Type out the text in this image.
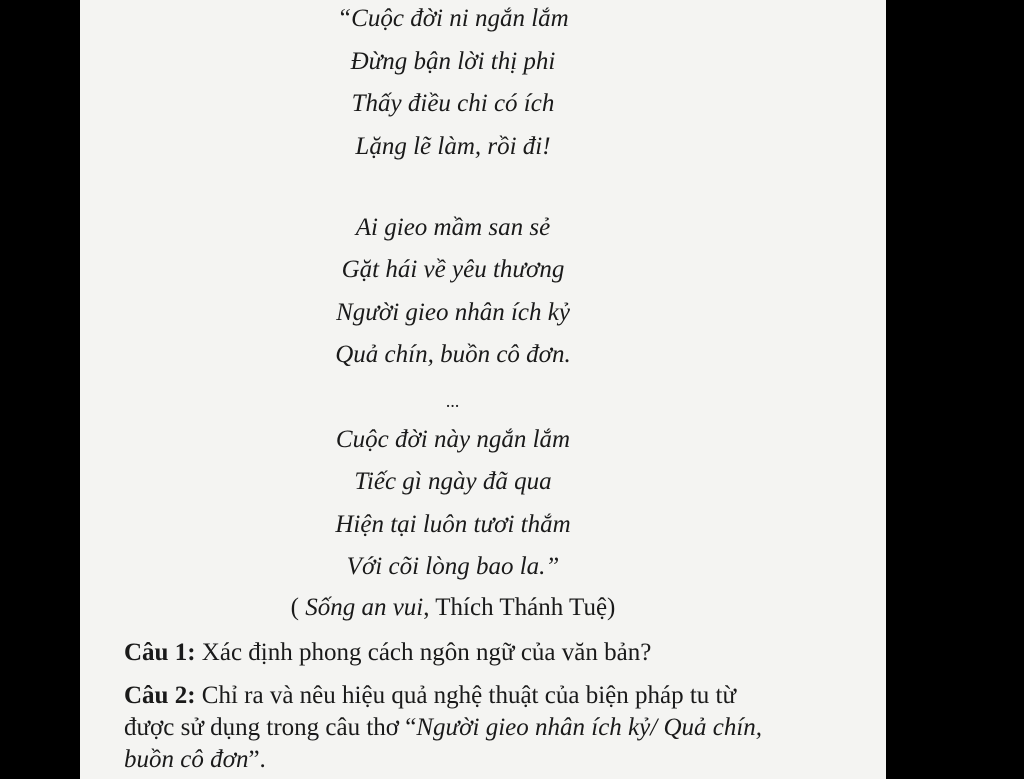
“Cuộc đời ni ngắn lắm
Đừng bận lời thị phi
Thấy điều chi có ích
Lặng lẽ làm, rồi đi!
Ai gieo mầm san sẻ
Gặt hái về yêu thương
Người gieo nhân ích kỷ
Quả chín, buồn cô đơn.
...
Cuộc đời này ngắn lắm
Tiếc gì ngày đã qua
Hiện tại luôn tươi thắm
Với cõi lòng bao la.”
( Sống an vui, Thích Thánh Tuệ)
Câu 1: Xác định phong cách ngôn ngữ của văn bản?
Câu 2: Chỉ ra và nêu hiệu quả nghệ thuật của biện pháp tu từ được sử dụng trong câu thơ “Người gieo nhân ích kỷ/ Quả chín, buồn cô đơn”.
